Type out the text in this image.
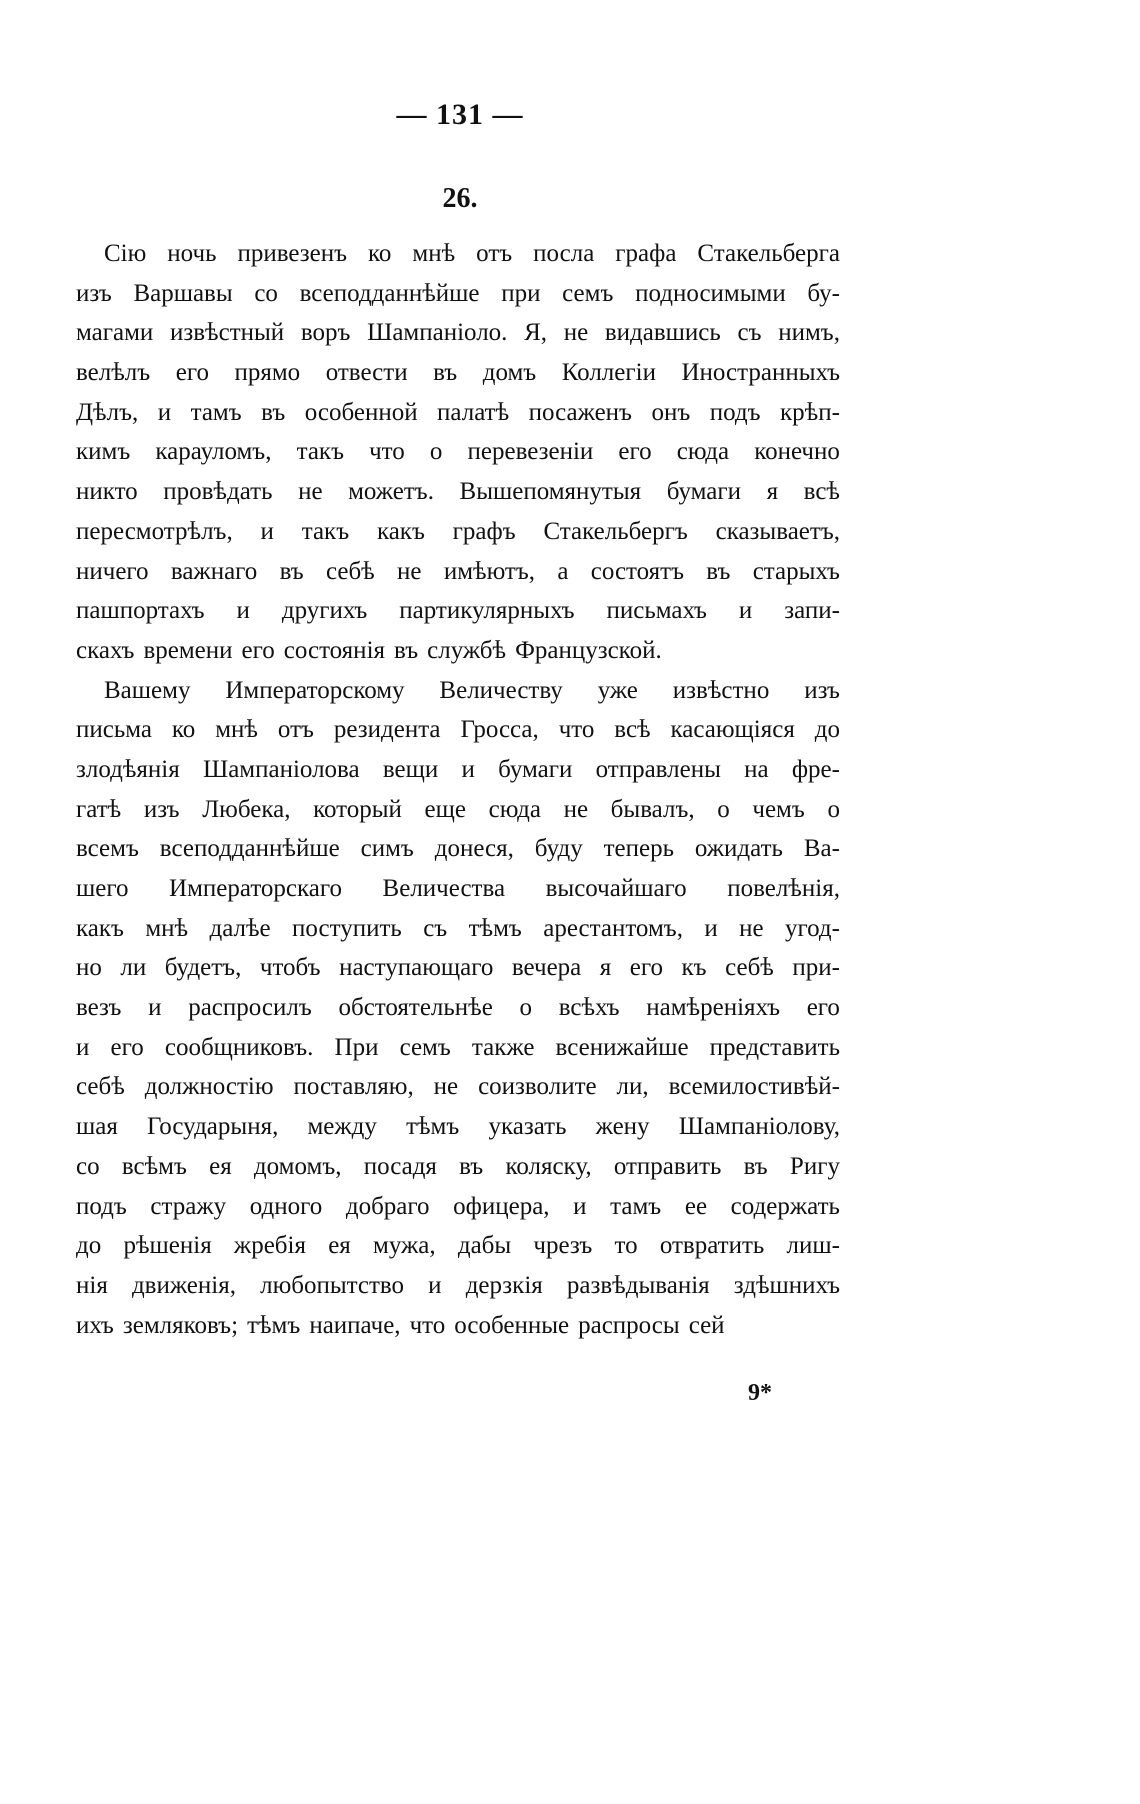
— 131 —
26.
Сію ночь привезенъ ко мнѣ отъ посла графа Стакельберга
изъ Варшавы со всеподданнѣйше при семъ подносимыми бу-
магами извѣстный воръ Шампаніоло. Я, не видавшись съ нимъ,
велѣлъ его прямо отвести въ домъ Коллегіи Иностранныхъ
Дѣлъ, и тамъ въ особенной палатѣ посаженъ онъ подъ крѣп-
кимъ карауломъ, такъ что о перевезеніи его сюда конечно
никто провѣдать не можетъ. Вышепомянутыя бумаги я всѣ
пересмотрѣлъ, и такъ какъ графъ Стакельбергъ сказываетъ,
ничего важнаго въ себѣ не имѣютъ, а состоятъ въ старыхъ
пашпортахъ и другихъ партикулярныхъ письмахъ и запи-
скахъ времени его состоянія въ службѣ Французской.
Вашему Императорскому Величеству уже извѣстно изъ
письма ко мнѣ отъ резидента Гросса, что всѣ касающіяся до
злодѣянія Шампаніолова вещи и бумаги отправлены на фре-
гатѣ изъ Любека, который еще сюда не бывалъ, о чемъ о
всемъ всеподданнѣйше симъ донеся, буду теперь ожидать Ва-
шего Императорскаго Величества высочайшаго повелѣнія,
какъ мнѣ далѣе поступить съ тѣмъ арестантомъ, и не угод-
но ли будетъ, чтобъ наступающаго вечера я его къ себѣ при-
везъ и распросилъ обстоятельнѣе о всѣхъ намѣреніяхъ его
и его сообщниковъ. При семъ также всенижайше представить
себѣ должностію поставляю, не соизволите ли, всемилостивѣй-
шая Государыня, между тѣмъ указать жену Шампаніолову,
со всѣмъ ея домомъ, посадя въ коляску, отправить въ Ригу
подъ стражу одного добраго офицера, и тамъ ее содержать
до рѣшенія жребія ея мужа, дабы чрезъ то отвратить лиш-
нія движенія, любопытство и дерзкія развѣдыванія здѣшнихъ
ихъ земляковъ; тѣмъ наипаче, что особенные распросы сей
9*
